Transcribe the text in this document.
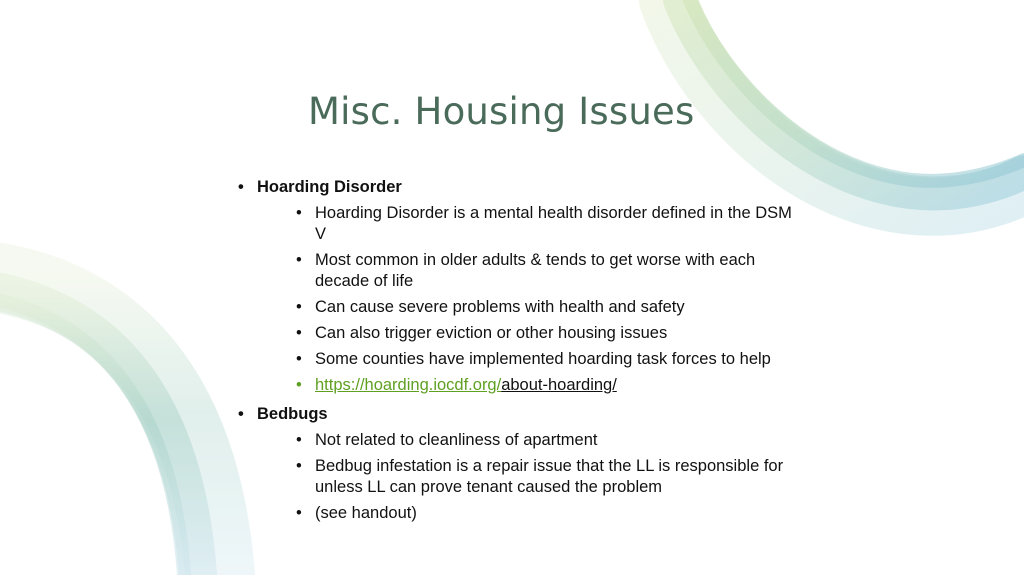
Misc. Housing Issues
• Hoarding Disorder
• Hoarding Disorder is a mental health disorder defined in the DSM V
• Most common in older adults & tends to get worse with each decade of life
• Can cause severe problems with health and safety
• Can also trigger eviction or other housing issues
• Some counties have implemented hoarding task forces to help
• https://hoarding.iocdf.org/about-hoarding/
• Bedbugs
• Not related to cleanliness of apartment
• Bedbug infestation is a repair issue that the LL is responsible for unless LL can prove tenant caused the problem
• (see handout)
